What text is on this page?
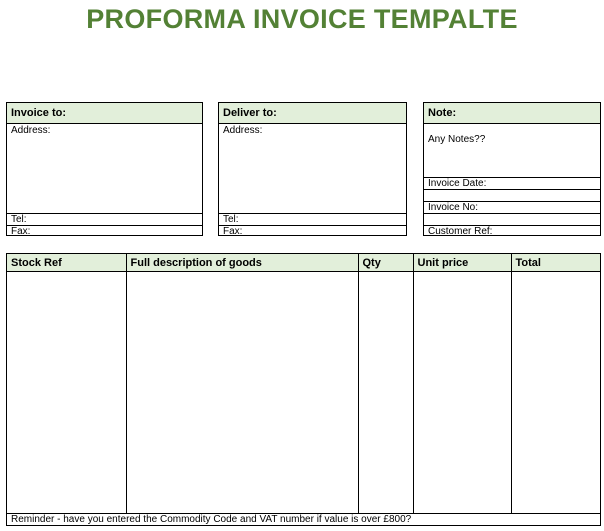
PROFORMA INVOICE TEMPALTE
Invoice to:
Address:
Tel:
Fax:
Deliver to:
Address:
Tel:
Fax:
Note:
Any Notes??
Invoice Date:
Invoice No:
Customer Ref:
Stock Ref	Full description of goods	Qty	Unit price	Total

Reminder - have you entered the Commodity Code and VAT number if value is over £800?				
